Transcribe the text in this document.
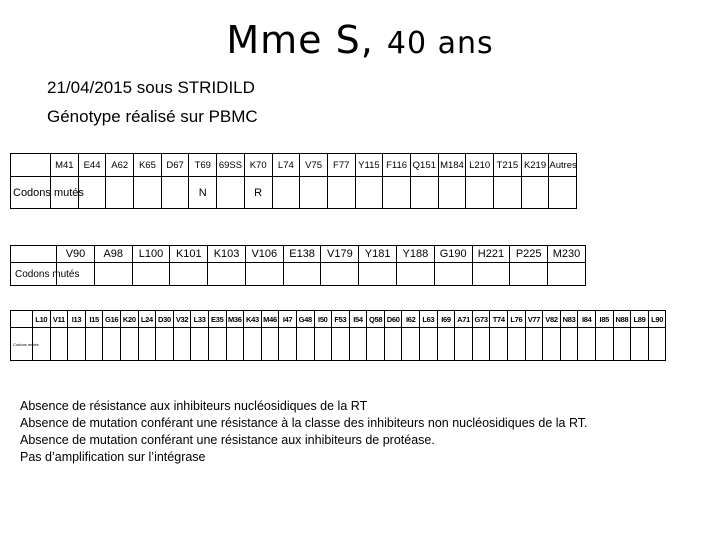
Mme S, 40 ans
21/04/2015 sous STRIDILD
Génotype réalisé sur PBMC
	M41	E44	A62	K65	D67	T69	69SS	K70	L74	V75	F77	Y115	F116	Q151	M184	L210	T215	K219	Autres
Codons mutés						N		R											
	V90	A98	L100	K101	K103	V106	E138	V179	Y181	Y188	G190	H221	P225	M230
Codons mutés														
	L10	V11	I13	I15	G16	K20	L24	D30	V32	L33	E35	M36	K43	M46	I47	G48	I50	F53	I54	Q58	D60	I62	L63	I69	A71	G73	T74	L76	V77	V82	N83	I84	I85	N88	L89	L90
Codons mutés																																				
Absence de résistance aux inhibiteurs nucléosidiques de la RT
Absence de mutation conférant une résistance à la classe des inhibiteurs non nucléosidiques de la RT.
Absence de mutation conférant une résistance aux inhibiteurs de protéase.
Pas d’amplification sur l’intégrase
